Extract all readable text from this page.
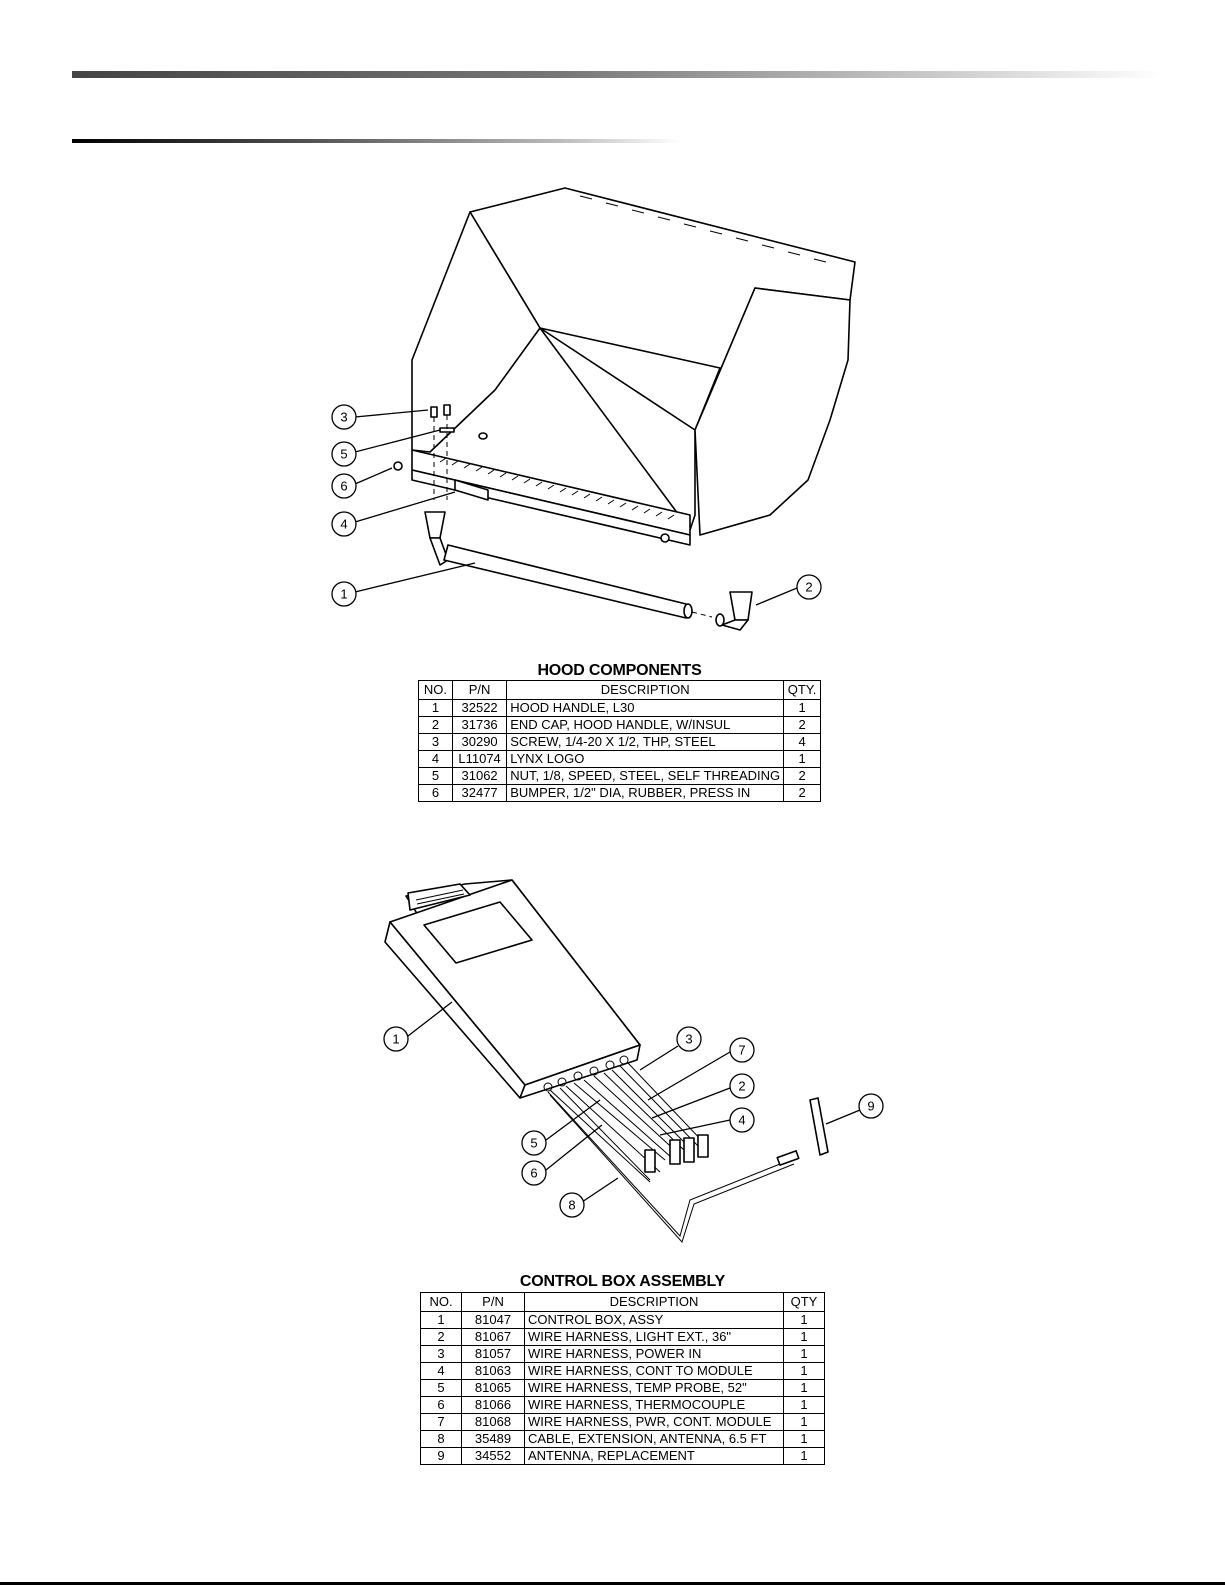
3
5
6
4
1	2
HOOD COMPONENTS
NO.	P/N	DESCRIPTION	QTY.
1	32522	HOOD HANDLE, L30	1
2	31736	END CAP, HOOD HANDLE, W/INSUL	2
3	30290	SCREW, 1/4-20 X 1/2, THP, STEEL	4
4	L11074	LYNX LOGO	1
5	31062	NUT, 1/8, SPEED, STEEL, SELF THREADING	2
6	32477	BUMPER, 1/2" DIA, RUBBER, PRESS IN	2
1	3
7
2
4
5
6
8
9
CONTROL BOX ASSEMBLY
NO.	P/N	DESCRIPTION	QTY
1	81047	CONTROL BOX, ASSY	1
2	81067	WIRE HARNESS, LIGHT EXT., 36"	1
3	81057	WIRE HARNESS, POWER IN	1
4	81063	WIRE HARNESS, CONT TO MODULE	1
5	81065	WIRE HARNESS, TEMP PROBE, 52"	1
6	81066	WIRE HARNESS, THERMOCOUPLE	1
7	81068	WIRE HARNESS, PWR, CONT. MODULE	1
8	35489	CABLE, EXTENSION, ANTENNA, 6.5 FT	1
9	34552	ANTENNA, REPLACEMENT	1
